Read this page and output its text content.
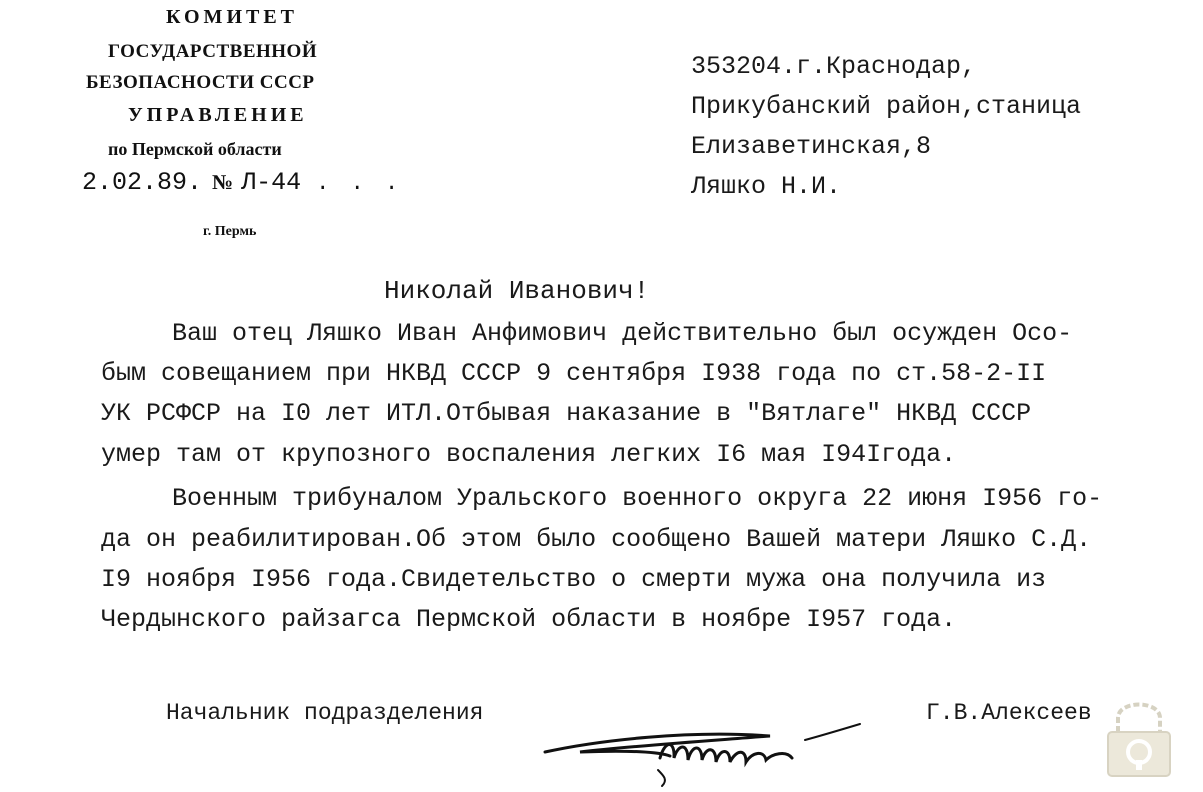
КОМИТЕТ
ГОСУДАРСТВЕННОЙ
БЕЗОПАСНОСТИ СССР
УПРАВЛЕНИЕ
по Пермской области
2.02.89. № Л-44 . . .
г. Пермь
353204.г.Краснодар,
Прикубанский район,станица
Елизаветинская,8
Ляшко Н.И.
Николай Иванович!
Ваш отец Ляшко Иван Анфимович действительно был осужден Осо-
бым совещанием при НКВД СССР 9 сентября I938 года по ст.58-2-II
УК РСФСР на I0 лет ИТЛ.Отбывая наказание в "Вятлаге" НКВД СССР
умер там от крупозного воспаления легких I6 мая I94Iгода.
Военным трибуналом Уральского военного округа 22 июня I956 го-
да он реабилитирован.Об этом было сообщено Вашей матери Ляшко С.Д.
I9 ноября I956 года.Свидетельство о смерти мужа она получила из
Чердынского райзагса Пермской области в ноябре I957 года.
Начальник подразделения	Г.В.Алексеев
